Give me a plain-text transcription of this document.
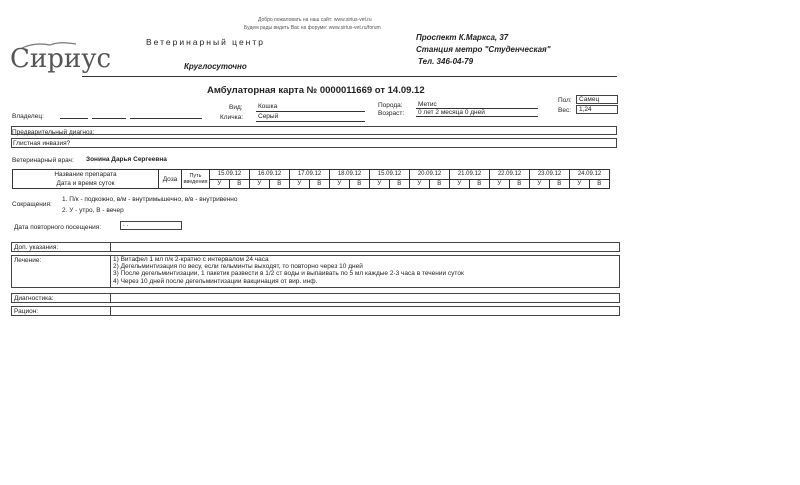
Добро пожаловать на наш сайт: www.sirius-vet.ru
Будем рады видеть Вас на форуме: www.sirius-vet.ru/forum
Сириус
Ветеринарный центр
Круглосуточно
Проспект К.Маркса, 37
Станция метро "Студенческая"
Тел. 346-04-79
Амбулаторная карта № 0000011669 от 14.09.12
Владелец:
Вид: Кошка
Кличка: Серый
Порода: Метис
Возраст: 0 лет 2 месяца 0 дней
Пол: Самец
Вес: 1,24
Предварительный диагноз:
Глистная инвазия?
Ветеринарный врач: Зонина Дарья Сергеевна
Название препарата
Дата и время суток	Доза	Путь введения	15.09.12		16.09.12		17.09.12		18.09.12		15.09.12		20.09.12		21.09.12		22.09.12		23.09.12		24.09.12	
			У	В	У	В	У	В	У	В	У	В	У	В	У	В	У	В	У	В	У	В
Сокращения:
1. П/к - подкожно, в/м - внутримышечно, в/в - внутривенно
2. У - утро, В - вечер
Дата повторного посещения:	. .
Доп. указания:
Лечение:	1) Витафел 1 мл п/к 2-кратно с интервалом 24 часа
2) Дегельминтизация по весу, если гельминты выходят, то повторно через 10 дней
3) После дегельминтизации, 1 пакетик развести в 1/2 ст воды и выпаивать по 5 мл каждые 2-3 часа в течении суток
4) Через 10 дней после дегельминтизации вакцинация от вир. инф.
Диагностика:
Рацион:
